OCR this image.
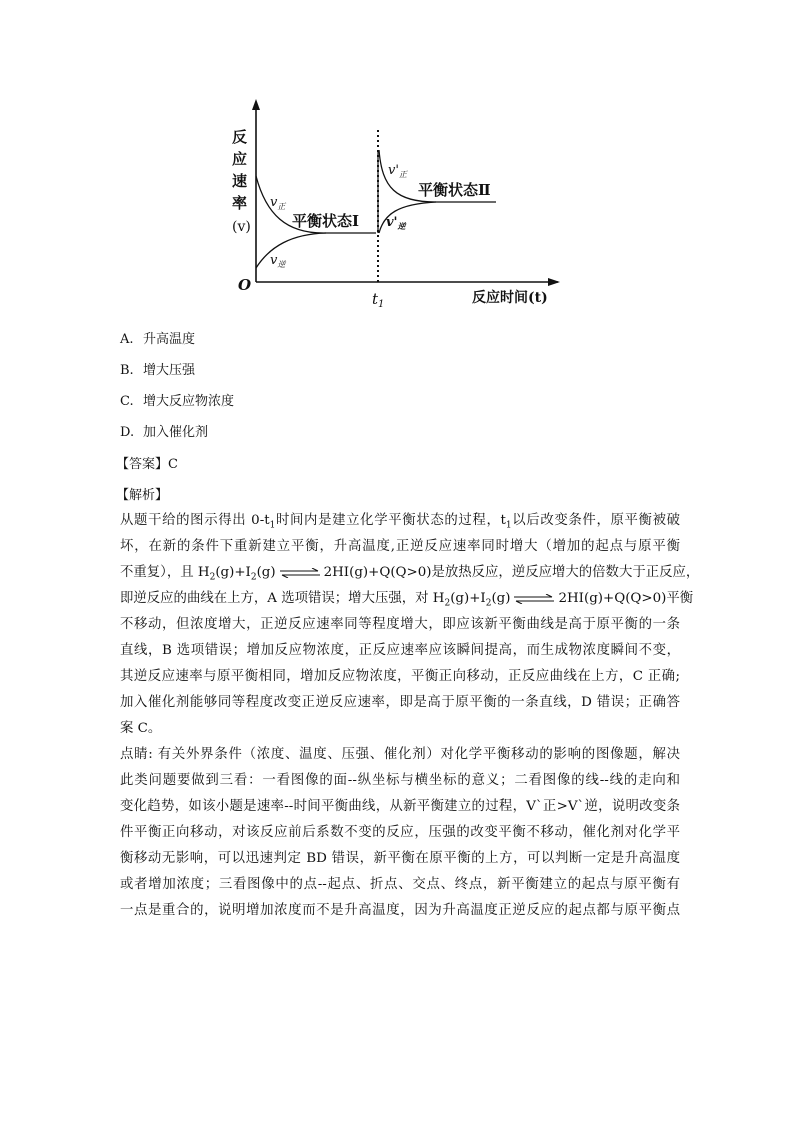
反
应
速
率
(v)
O
反应时间(t)
$t_1$
$v_正$
$v_逆$
$v'_正$
$v'_逆$
平衡状态Ⅰ
平衡状态Ⅱ
A. 升高温度
B. 增大压强
C. 增大反应物浓度
D. 加入催化剂
【答案】C
【解析】
从题干给的图示得出 $0-t_1$时间内是建立化学平衡状态的过程，$t_1$以后改变条件，原平衡被破
坏，在新的条件下重新建立平衡，升高温度,正逆反应速率同时增大（增加的起点与原平衡
不重复），且 $H_2(g)+I_2(g)$ ⇌ 2HI(g)+Q(Q>0)是放热反应，逆反应增大的倍数大于正反应，
即逆反应的曲线在上方，A 选项错误；增大压强，对 $H_2(g)+I_2(g)$ ⇌ 2HI(g)+Q(Q>0)平衡
不移动，但浓度增大，正逆反应速率同等程度增大，即应该新平衡曲线是高于原平衡的一条
直线，B 选项错误；增加反应物浓度，正反应速率应该瞬间提高，而生成物浓度瞬间不变，
其逆反应速率与原平衡相同，增加反应物浓度，平衡正向移动，正反应曲线在上方，C 正确;
加入催化剂能够同等程度改变正逆反应速率，即是高于原平衡的一条直线，D 错误；正确答
案 C。
点睛: 有关外界条件（浓度、温度、压强、催化剂）对化学平衡移动的影响的图像题，解决
此类问题要做到三看：一看图像的面--纵坐标与横坐标的意义；二看图像的线--线的走向和
变化趋势，如该小题是速率--时间平衡曲线，从新平衡建立的过程，V`正>V`逆，说明改变条
件平衡正向移动，对该反应前后系数不变的反应，压强的改变平衡不移动，催化剂对化学平
衡移动无影响，可以迅速判定 BD 错误，新平衡在原平衡的上方，可以判断一定是升高温度
或者增加浓度；三看图像中的点--起点、折点、交点、终点，新平衡建立的起点与原平衡有
一点是重合的，说明增加浓度而不是升高温度，因为升高温度正逆反应的起点都与原平衡点
